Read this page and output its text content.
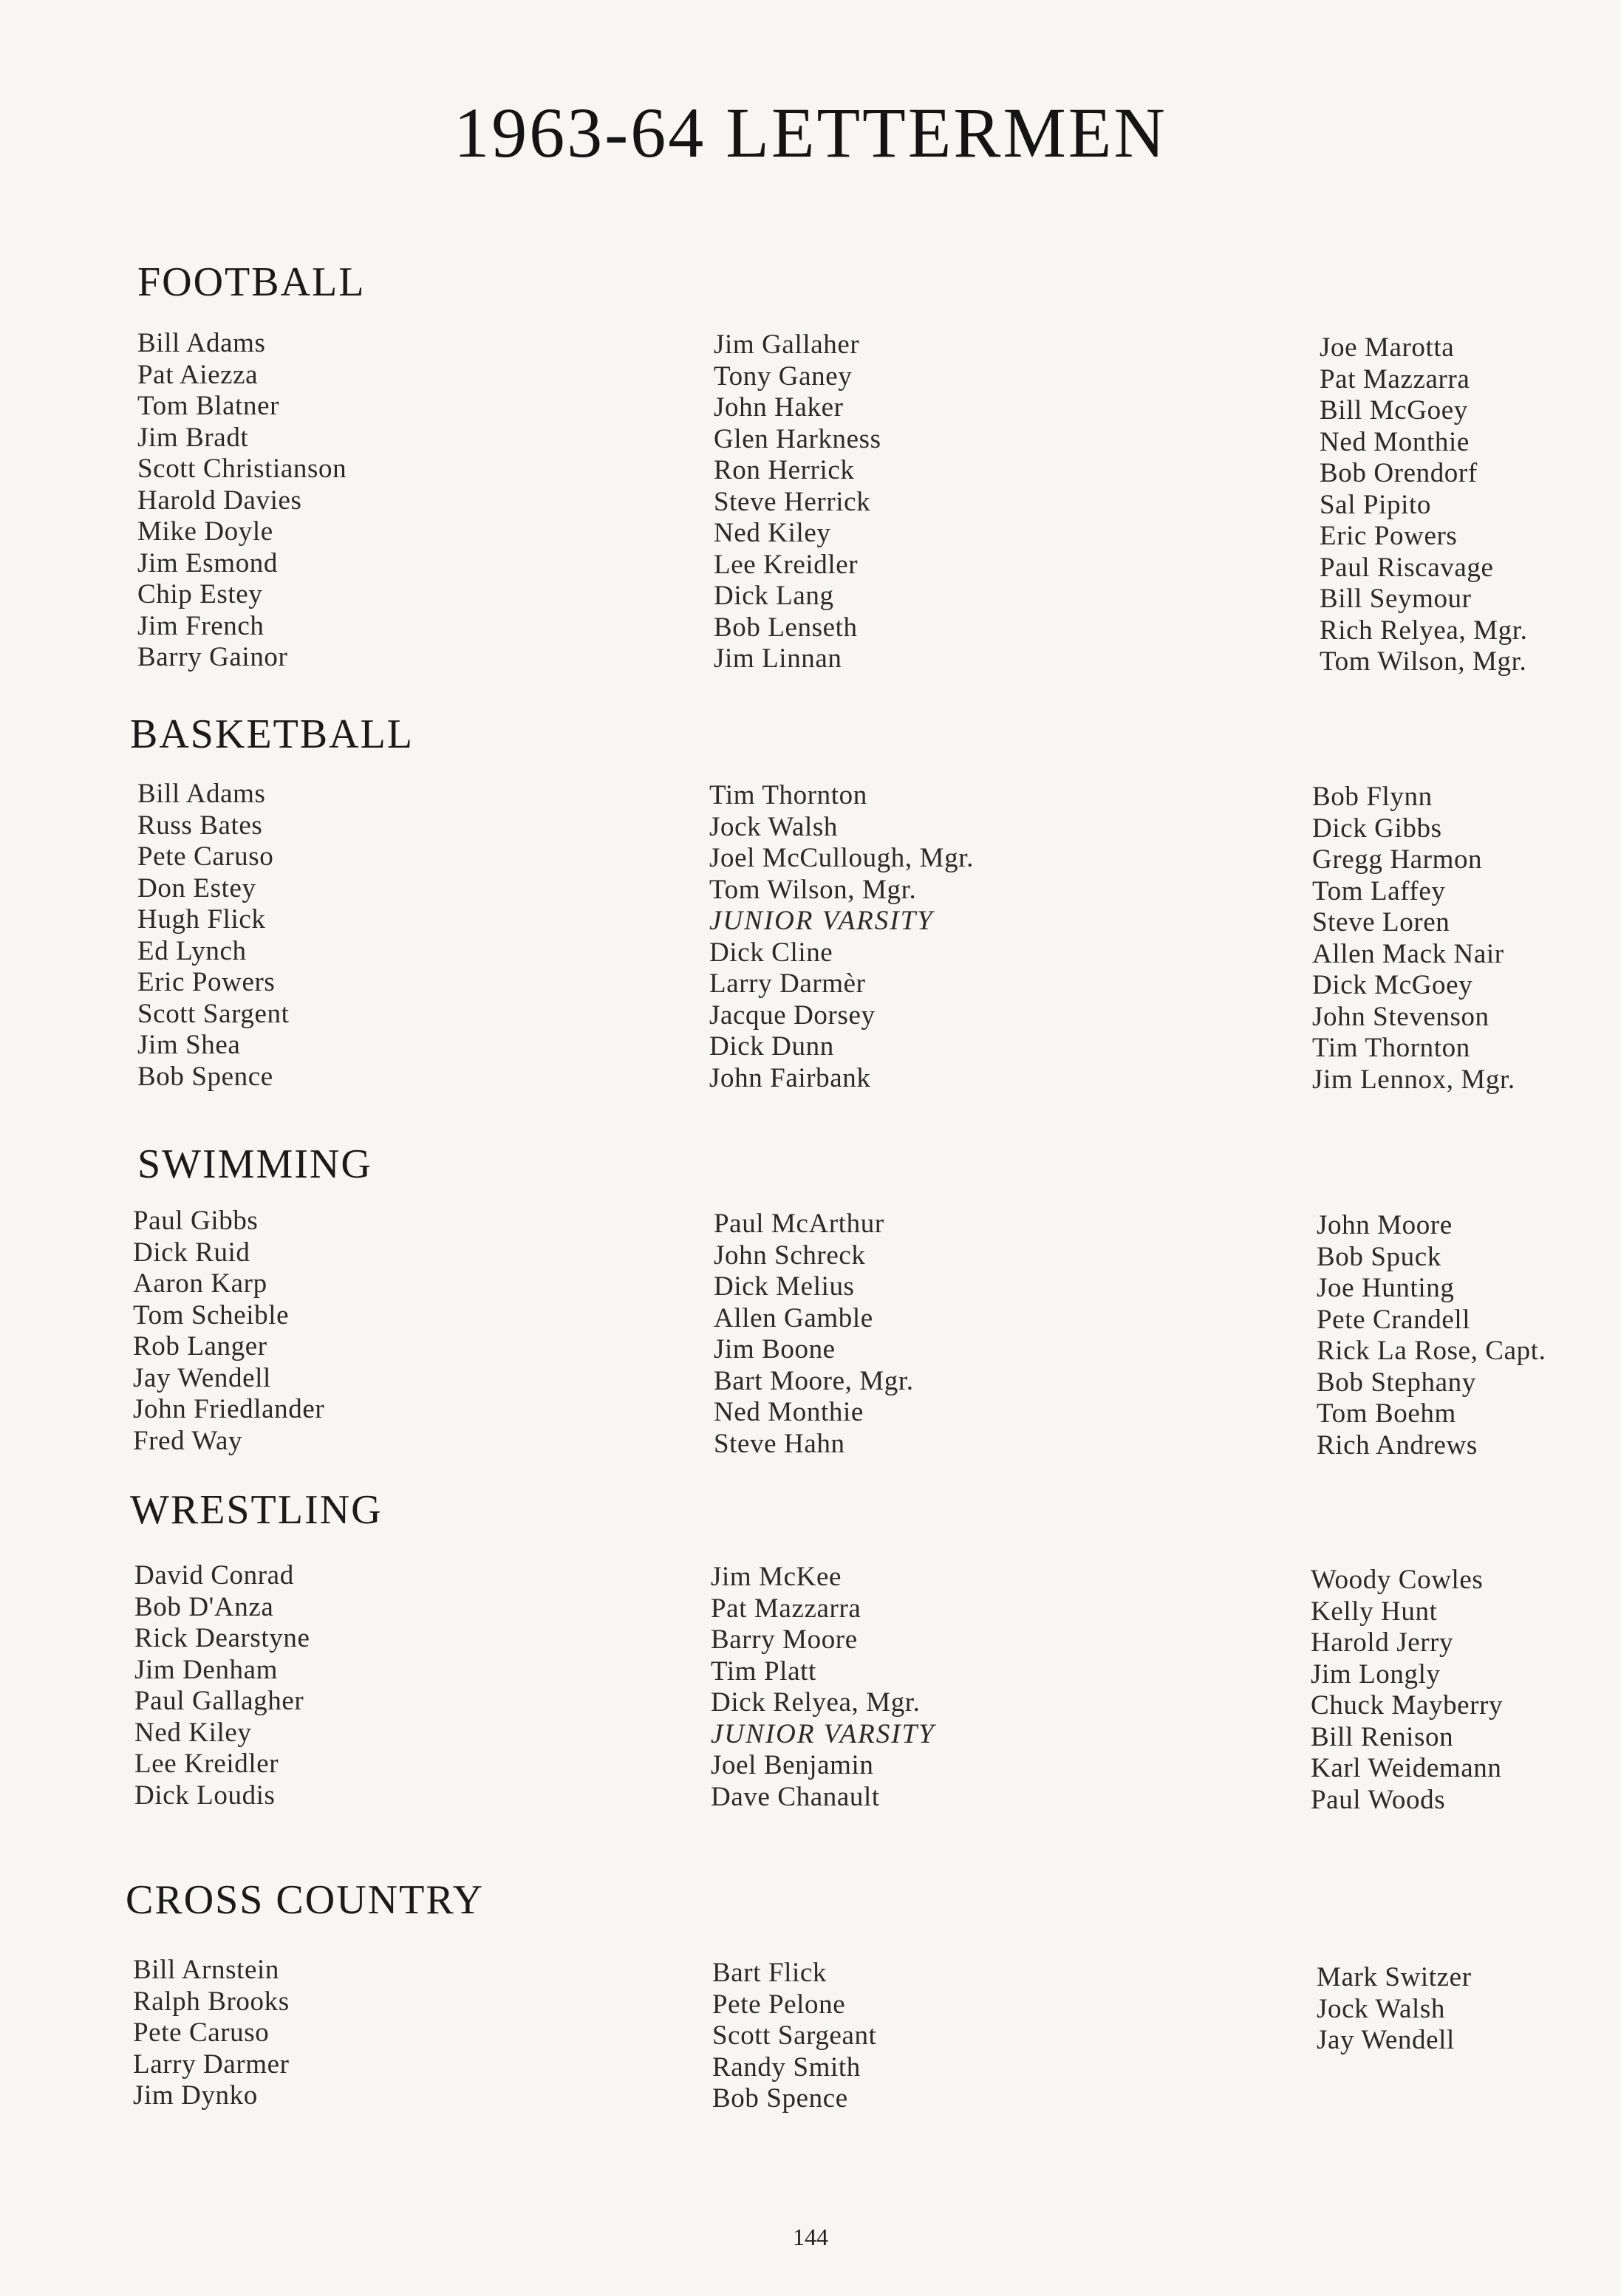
1963-64 LETTERMEN
FOOTBALL
Bill Adams
Pat Aiezza
Tom Blatner
Jim Bradt
Scott Christianson
Harold Davies
Mike Doyle
Jim Esmond
Chip Estey
Jim French
Barry Gainor
Jim Gallaher
Tony Ganey
John Haker
Glen Harkness
Ron Herrick
Steve Herrick
Ned Kiley
Lee Kreidler
Dick Lang
Bob Lenseth
Jim Linnan
Joe Marotta
Pat Mazzarra
Bill McGoey
Ned Monthie
Bob Orendorf
Sal Pipito
Eric Powers
Paul Riscavage
Bill Seymour
Rich Relyea, Mgr.
Tom Wilson, Mgr.
BASKETBALL
Bill Adams
Russ Bates
Pete Caruso
Don Estey
Hugh Flick
Ed Lynch
Eric Powers
Scott Sargent
Jim Shea
Bob Spence
Tim Thornton
Jock Walsh
Joel McCullough, Mgr.
Tom Wilson, Mgr.
JUNIOR VARSITY
Dick Cline
Larry Darmèr
Jacque Dorsey
Dick Dunn
John Fairbank
Bob Flynn
Dick Gibbs
Gregg Harmon
Tom Laffey
Steve Loren
Allen Mack Nair
Dick McGoey
John Stevenson
Tim Thornton
Jim Lennox, Mgr.
SWIMMING
Paul Gibbs
Dick Ruid
Aaron Karp
Tom Scheible
Rob Langer
Jay Wendell
John Friedlander
Fred Way
Paul McArthur
John Schreck
Dick Melius
Allen Gamble
Jim Boone
Bart Moore, Mgr.
Ned Monthie
Steve Hahn
John Moore
Bob Spuck
Joe Hunting
Pete Crandell
Rick La Rose, Capt.
Bob Stephany
Tom Boehm
Rich Andrews
WRESTLING
David Conrad
Bob D'Anza
Rick Dearstyne
Jim Denham
Paul Gallagher
Ned Kiley
Lee Kreidler
Dick Loudis
Jim McKee
Pat Mazzarra
Barry Moore
Tim Platt
Dick Relyea, Mgr.
JUNIOR VARSITY
Joel Benjamin
Dave Chanault
Woody Cowles
Kelly Hunt
Harold Jerry
Jim Longly
Chuck Mayberry
Bill Renison
Karl Weidemann
Paul Woods
CROSS COUNTRY
Bill Arnstein
Ralph Brooks
Pete Caruso
Larry Darmer
Jim Dynko
Bart Flick
Pete Pelone
Scott Sargeant
Randy Smith
Bob Spence
Mark Switzer
Jock Walsh
Jay Wendell
144
